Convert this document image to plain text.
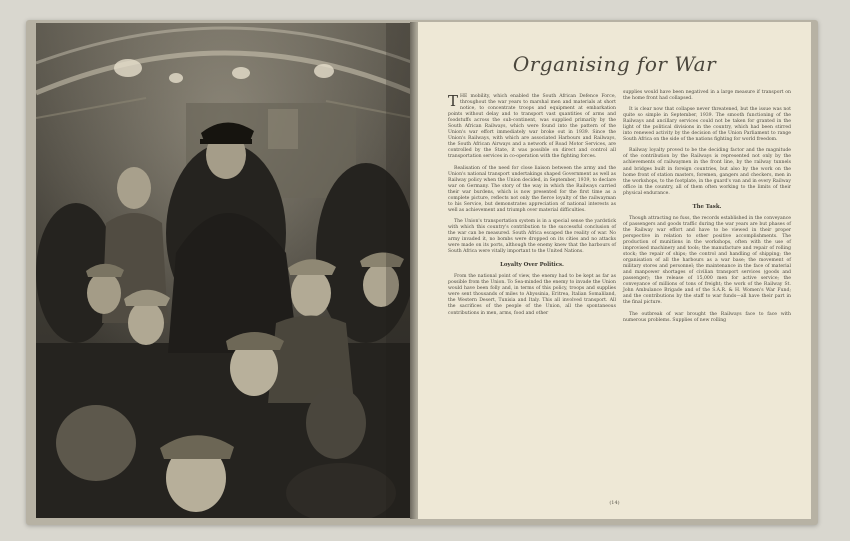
Organising for War

THE mobility, which enabled the South African Defence Force, throughout the war years to marshal men and materials at short notice, to concentrate troops and equipment at embarkation points without delay and to transport vast quantities of arms and foodstuffs across the sub-continent, was supplied primarily by the South African Railways, which were found into the pattern of the Union's war effort immediately war broke out in 1939. Since the Union's Railways, with which are associated Harbours and Railways, the South African Airways and a network of Road Motor Services, are controlled by the State, it was possible on direct and control all transportation services in co-operation with the fighting forces.

Realisation of the need for close liaison between the army and the Union's national transport undertakings shaped Government as well as Railway policy when the Union decided, in September, 1939, to declare war on Germany. The story of the way in which the Railways carried their war burdens, which is now presented for the first time as a complete picture, reflects not only the fierce loyalty of the railwayman to his Service, but demonstrates appreciation of national interests as well as achievement and triumph over material difficulties.

The Union's transportation system is in a special sense the yardstick with which this country's contribution to the successful conclusion of the war can be measured. South Africa escaped the reality of war. No army invaded it, no bombs were dropped on its cities and no attacks were made on its ports, although the enemy knew that the harbours of South Africa were vitally important to the United Nations.

Loyalty Over Politics.

From the national point of view, the enemy had to be kept as far as possible from the Union. To Sea-minded the enemy to invade the Union would have been folly and, in terms of this policy, troops and supplies were sent thousands of miles to Abyssinia, Eritrea, Italian Somaliland, the Western Desert, Tunisia and Italy. This all involved transport. All the sacrifices of the people of the Union, all the spontaneous contributions in men, arms, food and other

supplies would have been negatived in a large measure if transport on the home front had collapsed.

It is clear now that collapse never threatened, but the issue was not quite so simple in September, 1939. The smooth functioning of the Railways and ancillary services could not be taken for granted in the light of the political divisions in the country, which had been stirred into renewed activity by the decision of the Union Parliament to range South Africa on the side of the nations fighting for world freedom.

Railway loyalty proved to be the deciding factor and the magnitude of the contribution by the Railways is represented not only by the achievements of railwaymen in the front line, by the railway tunnels and bridges built in foreign countries, but also by the work on the home front of station masters, foremen, gangers and checkers, men in the workshops, to the footplate, in the guard's van and in every Railway office in the country, all of them often working to the limits of their physical endurance.

The Task.

Though attracting no fuss, the records established in the conveyance of passengers and goods traffic during the war years are but phases of the Railway war effort and have to be viewed in their proper perspective in relation to other positive accomplishments. The production of munitions in the workshops, often with the use of improvised machinery and tools; the manufacture and repair of rolling stock; the repair of ships; the control and handling of shipping; the organisation of all the harbours as a war base; the movement of military stores and personnel; the maintenance in the face of material and manpower shortages of civilian transport services (goods and passenger); the release of 15,000 men for active service; the conveyance of millions of tons of freight; the work of the Railway St. John Ambulance Brigade and of the S.A.R. & H. Women's War Fund; and the contributions by the staff to war funds—all have their part in the final picture.

The outbreak of war brought the Railways face to face with numerous problems. Supplies of new rolling

(14)
